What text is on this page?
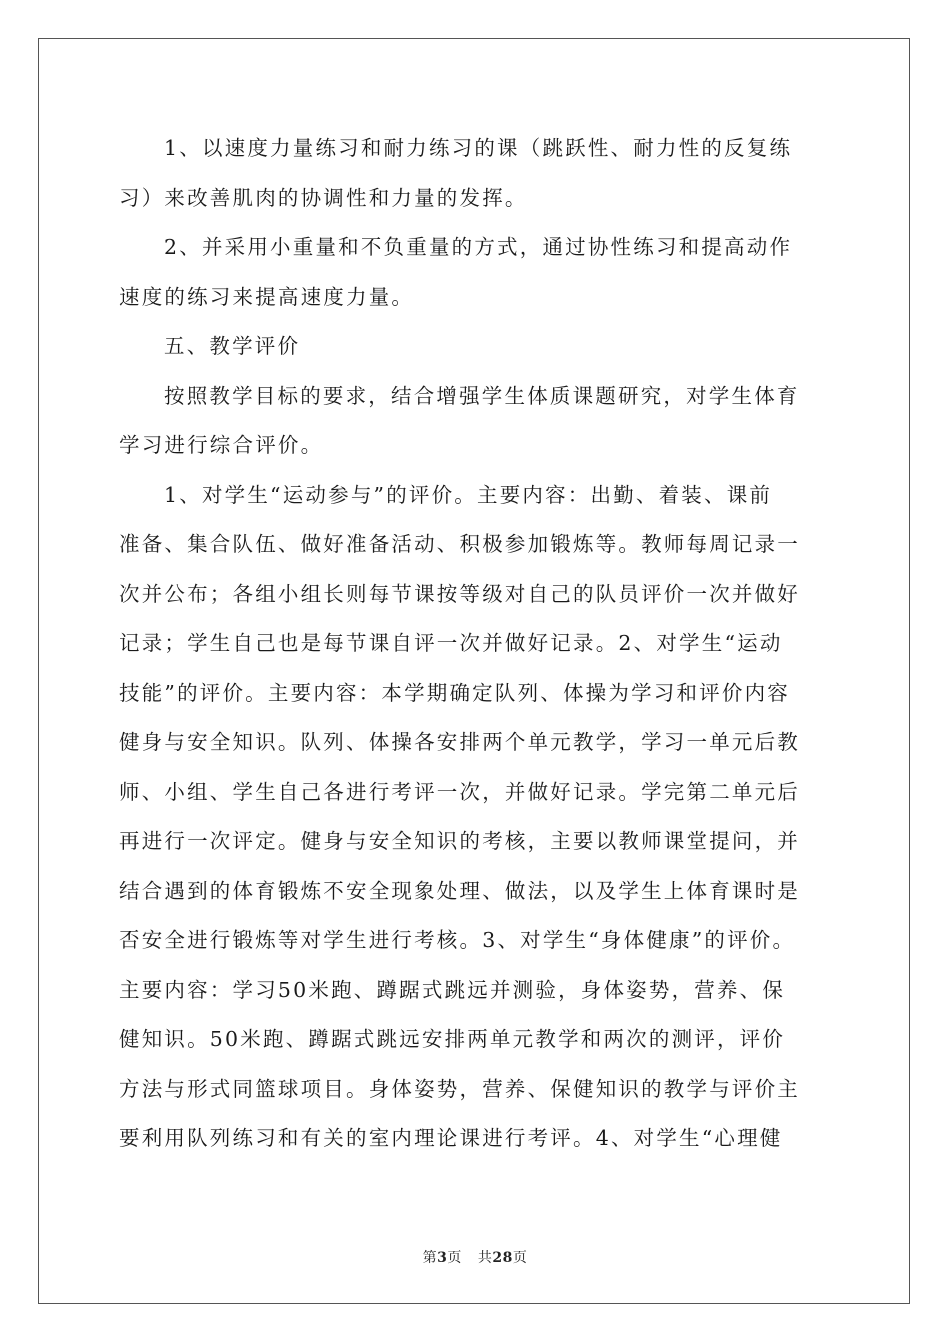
1、以速度力量练习和耐力练习的课（跳跃性、耐力性的反复练
习）来改善肌肉的协调性和力量的发挥。
2、并采用小重量和不负重量的方式，通过协性练习和提高动作
速度的练习来提高速度力量。
五、教学评价
按照教学目标的要求，结合增强学生体质课题研究，对学生体育
学习进行综合评价。
1、对学生“运动参与”的评价。主要内容：出勤、着装、课前
准备、集合队伍、做好准备活动、积极参加锻炼等。教师每周记录一
次并公布；各组小组长则每节课按等级对自己的队员评价一次并做好
记录；学生自己也是每节课自评一次并做好记录。2、对学生“运动
技能”的评价。主要内容：本学期确定队列、体操为学习和评价内容
健身与安全知识。队列、体操各安排两个单元教学，学习一单元后教
师、小组、学生自己各进行考评一次，并做好记录。学完第二单元后
再进行一次评定。健身与安全知识的考核，主要以教师课堂提问，并
结合遇到的体育锻炼不安全现象处理、做法，以及学生上体育课时是
否安全进行锻炼等对学生进行考核。3、对学生“身体健康”的评价。
主要内容：学习50米跑、蹲踞式跳远并测验，身体姿势，营养、保
健知识。50米跑、蹲踞式跳远安排两单元教学和两次的测评，评价
方法与形式同篮球项目。身体姿势，营养、保健知识的教学与评价主
要利用队列练习和有关的室内理论课进行考评。4、对学生“心理健
第3页 共28页
